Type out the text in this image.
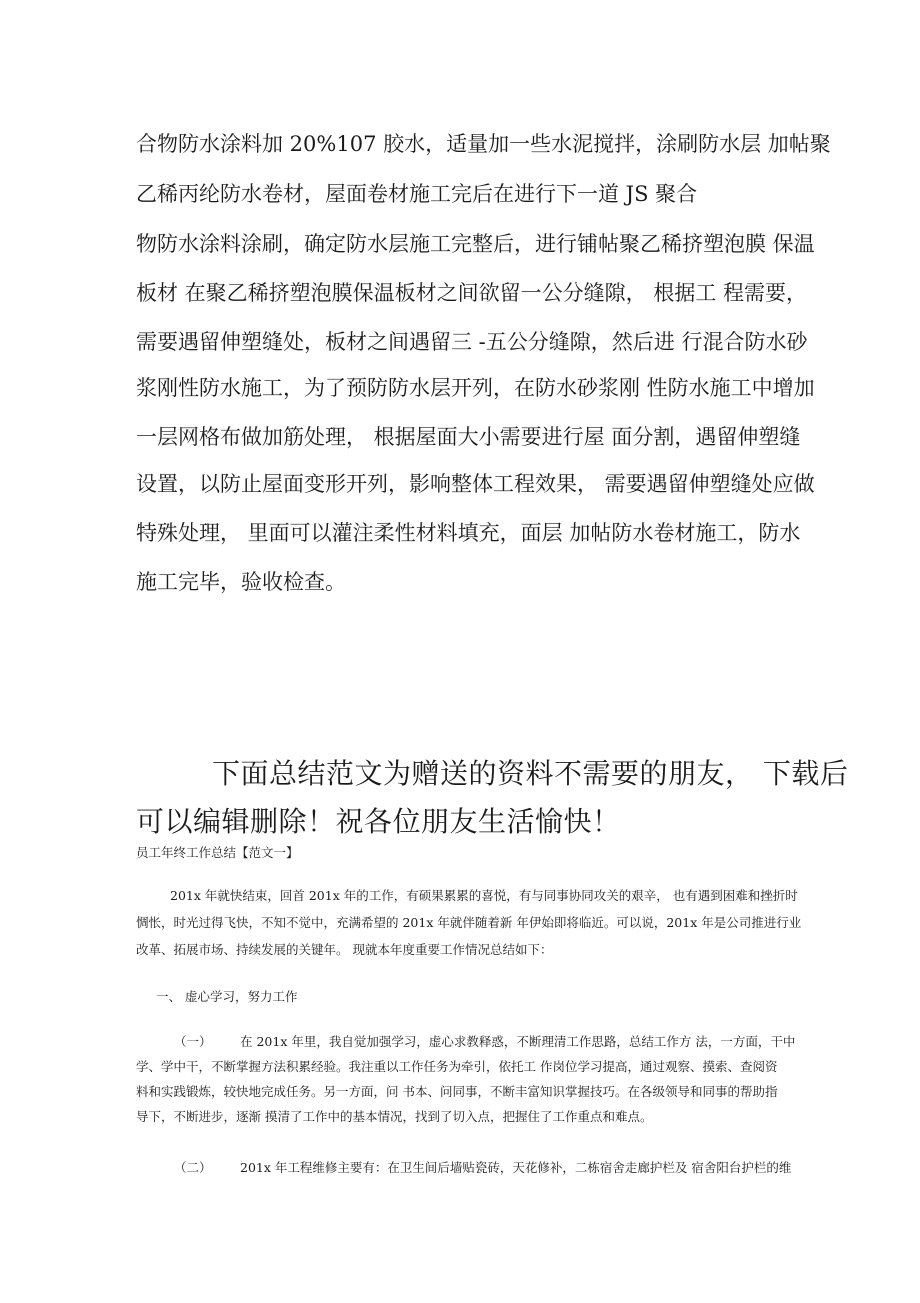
合物防水涂料加 20%107 胶水，适量加一些水泥搅拌，涂刷防水层 加帖聚

乙稀丙纶防水卷材，屋面卷材施工完后在进行下一道 JS 聚合

物防水涂料涂刷，确定防水层施工完整后，进行铺帖聚乙稀挤塑泡膜 保温

板材 在聚乙稀挤塑泡膜保温板材之间欲留一公分缝隙， 根据工 程需要，

需要遇留伸塑缝处，板材之间遇留三 -五公分缝隙，然后进 行混合防水砂

浆刚性防水施工，为了预防防水层开列，在防水砂浆刚 性防水施工中增加

一层网格布做加筋处理， 根据屋面大小需要进行屋 面分割，遇留伸塑缝

设置，以防止屋面变形开列，影响整体工程效果， 需要遇留伸塑缝处应做

特殊处理， 里面可以灌注柔性材料填充，面层 加帖防水卷材施工，防水

施工完毕，验收检查。

下面总结范文为赠送的资料不需要的朋友， 下载后

可以编辑删除！祝各位朋友生活愉快！

员工年终工作总结【范文一】

201x 年就快结束，回首 201x 年的工作，有硕果累累的喜悦，有与同事协同攻关的艰辛， 也有遇到困难和挫折时

惆怅，时光过得飞快，不知不觉中，充满希望的 201x 年就伴随着新 年伊始即将临近。可以说，201x 年是公司推进行业

改革、拓展市场、持续发展的关键年。 现就本年度重要工作情况总结如下：

一、 虚心学习，努力工作

（一） 在 201x 年里，我自觉加强学习，虚心求教释惑，不断理清工作思路，总结工作方 法，一方面，干中

学、学中干，不断掌握方法积累经验。我注重以工作任务为牵引，依托工 作岗位学习提高，通过观察、摸索、查阅资

料和实践锻炼，较快地完成任务。另一方面，问 书本、问同事，不断丰富知识掌握技巧。在各级领导和同事的帮助指

导下，不断进步，逐渐 摸清了工作中的基本情况，找到了切入点，把握住了工作重点和难点。

（二） 201x 年工程维修主要有：在卫生间后墙贴瓷砖，天花修补，二栋宿舍走廊护栏及 宿舍阳台护栏的维
